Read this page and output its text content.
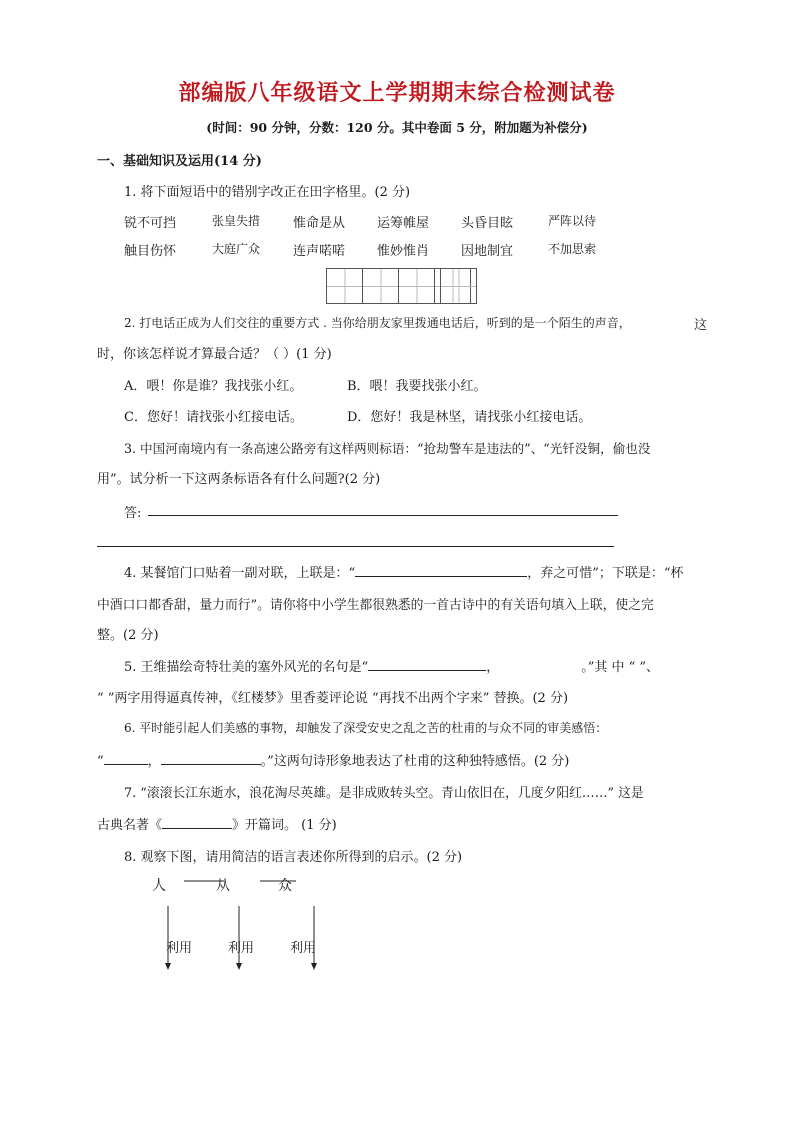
部编版八年级语文上学期期末综合检测试卷
(时间：90 分钟，分数：120 分。其中卷面 5 分，附加题为补偿分)
一、基础知识及运用(14 分)
1. 将下面短语中的错别字改正在田字格里。(2 分)
锐不可挡	张皇失措	惟命是从 运筹帷屋 头昏目眩	严阵以待
触目伤怀	大庭广众	连声喏喏 惟妙惟肖 因地制宜	不加思索
2. 打电话正成为人们交往的重要方式 . 当你给朋友家里拨通电话后，听到的是一个陌生的声音，	这
时，你该怎样说才算最合适？（ ）(1 分)
A．喂！你是谁？我找张小红。	B．喂！我要找张小红。
C．您好！请找张小红接电话。	D．您好！我是林坚，请找张小红接电话。
3. 中国河南境内有一条高速公路旁有这样两则标语：“抢劫警车是违法的”、“光钎没铜，偷也没
用”。试分析一下这两条标语各有什么问题?(2 分)
答:
4. 某餐馆门口贴着一副对联，上联是：“	，弃之可惜”；下联是：“杯
中酒口口都香甜，量力而行”。请你将中小学生都很熟悉的一首古诗中的有关语句填入上联，使之完
整。(2 分)
5. 王维描绘奇特壮美的塞外风光的名句是“	，	。”其 中 “ ”、
“ ”两字用得逼真传神，《红楼梦》里香菱评论说 “再找不出两个字来” 替换。(2 分)
6. 平时能引起人们美感的事物，却触发了深受安史之乱之苦的杜甫的与众不同的审美感悟：
“	，	。”这两句诗形象地表达了杜甫的这种独特感悟。(2 分)
7. “滚滚长江东逝水，浪花淘尽英雄。是非成败转头空。青山依旧在，几度夕阳红……” 这是
古典名著《	》开篇词。 (1 分)
8. 观察下图，请用简洁的语言表述你所得到的启示。(2 分)
人	从	众
利用	利用	利用
